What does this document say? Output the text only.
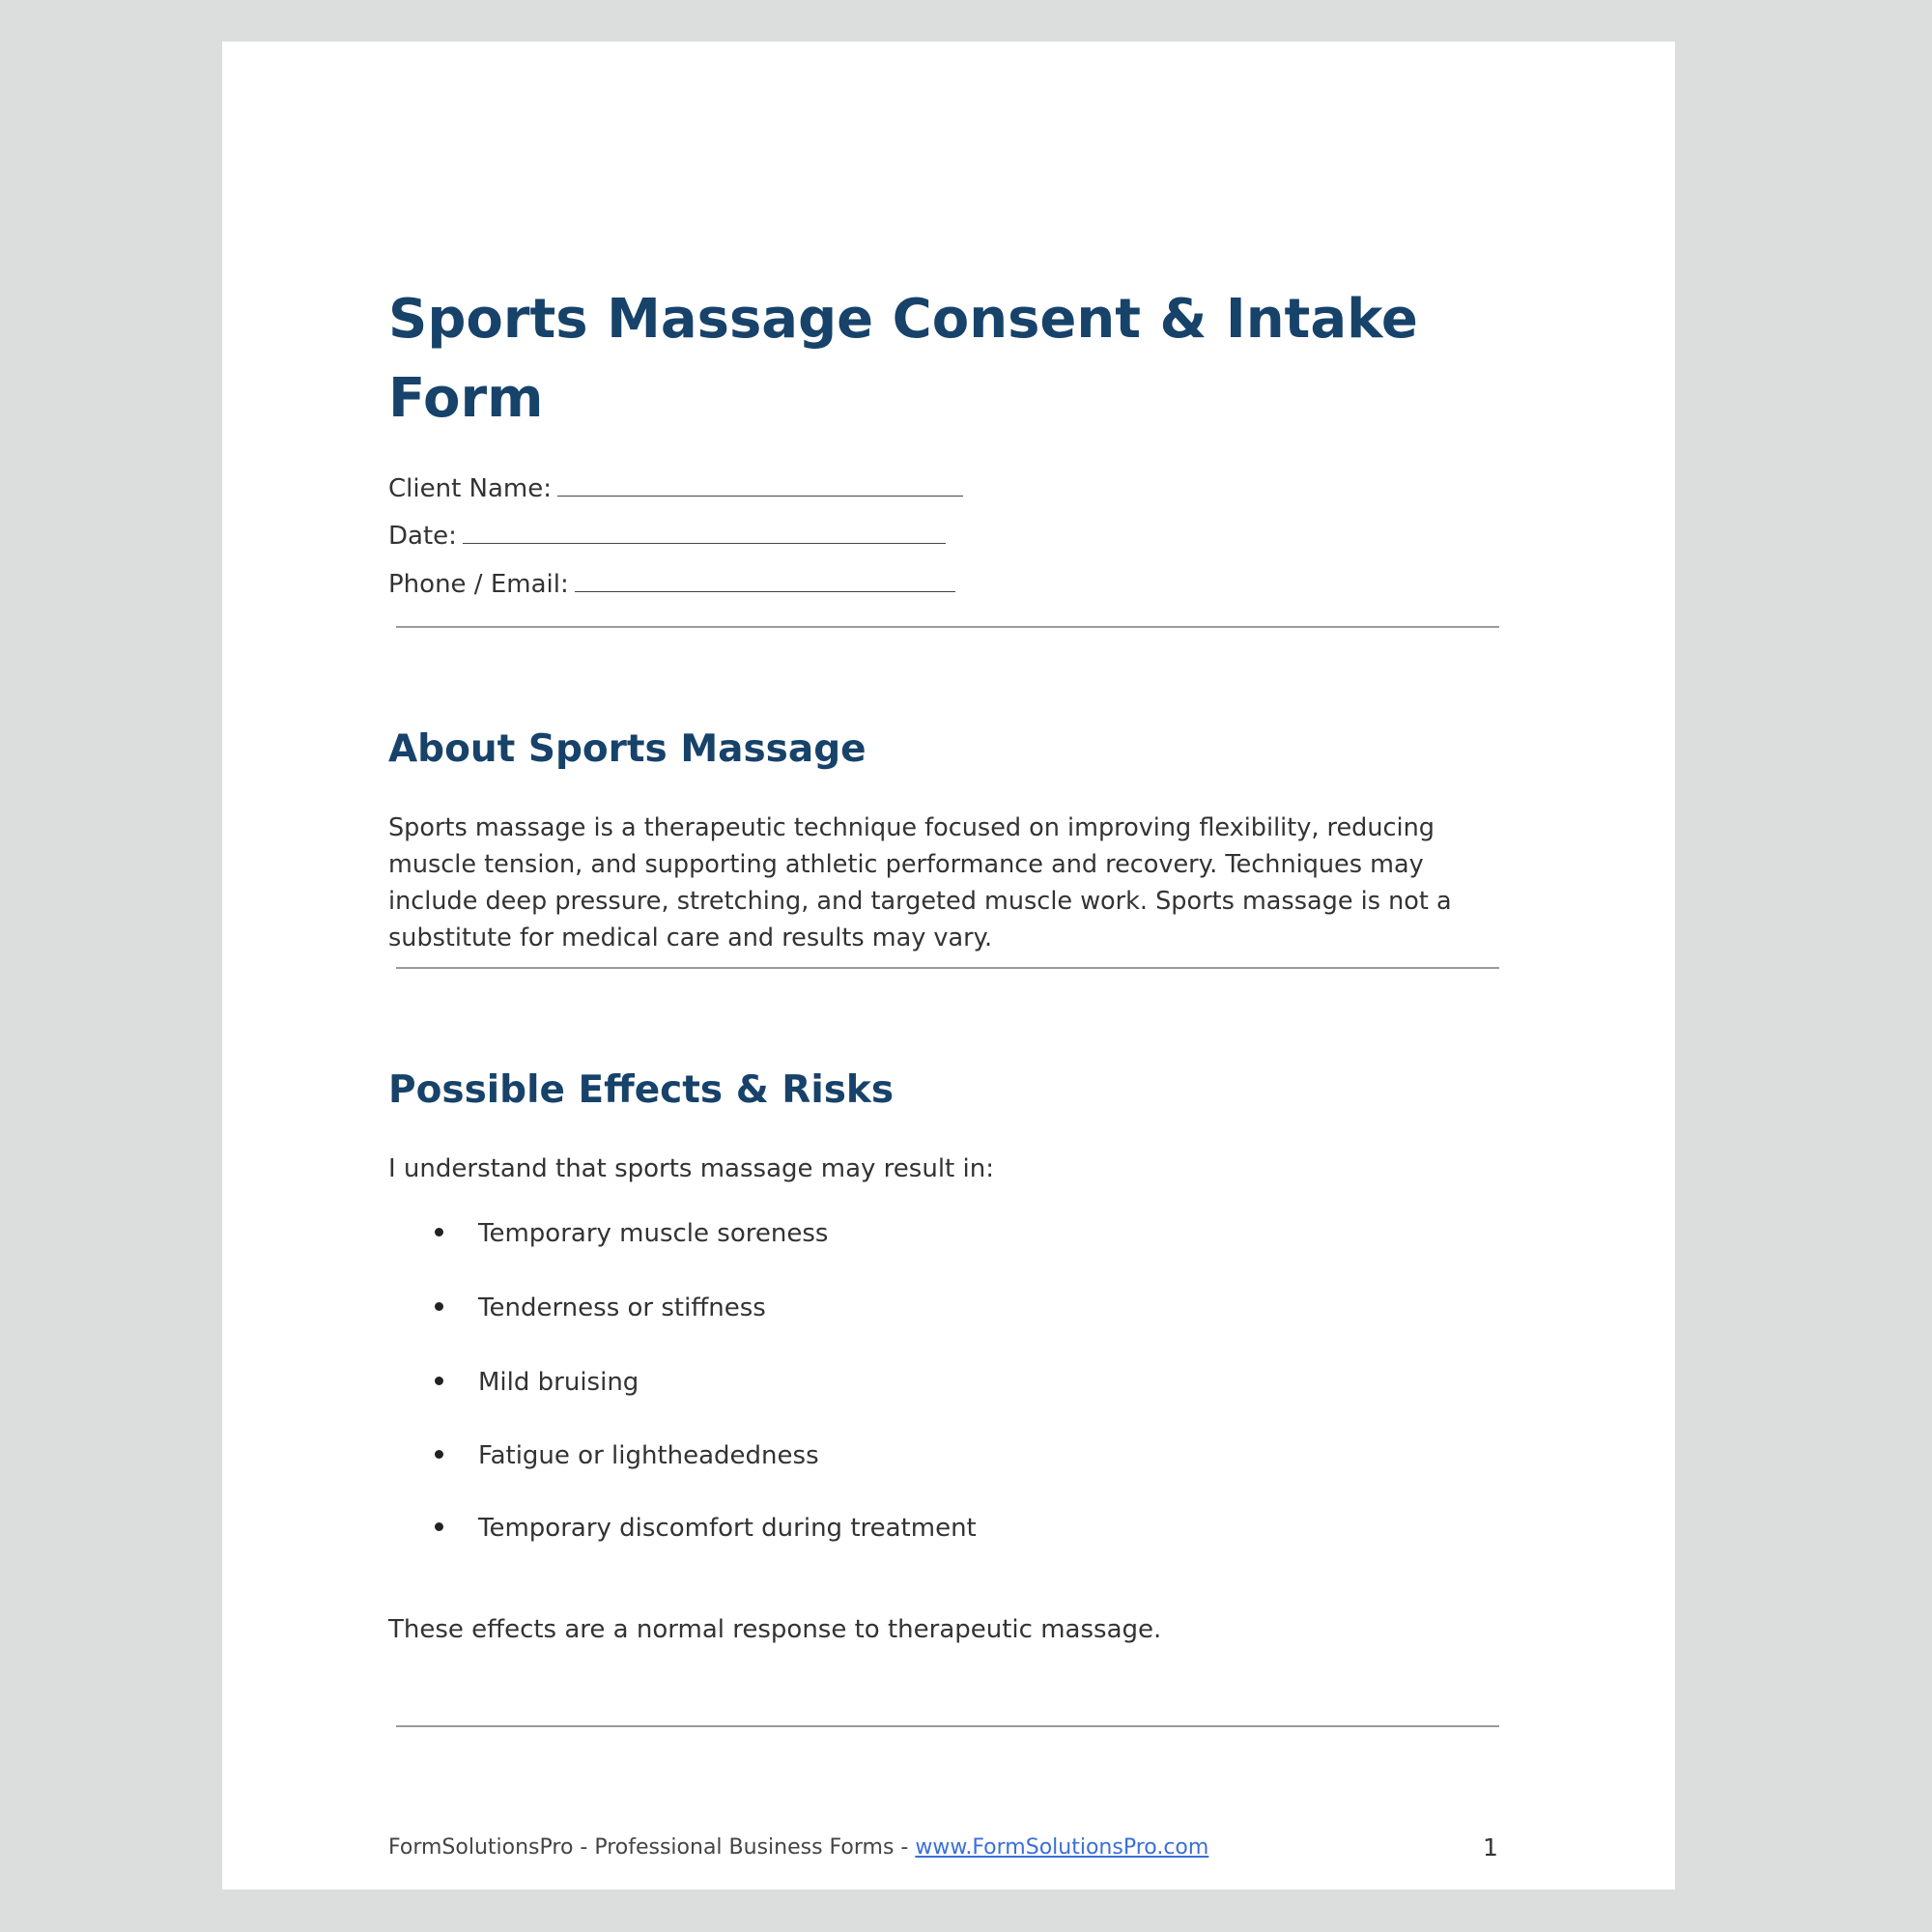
Sports Massage Consent & Intake Form
Client Name:
Date:
Phone / Email:
About Sports Massage

Sports massage is a therapeutic technique focused on improving flexibility, reducing muscle tension, and supporting athletic performance and recovery. Techniques may include deep pressure, stretching, and targeted muscle work. Sports massage is not a substitute for medical care and results may vary.

Possible Effects & Risks

I understand that sports massage may result in:

Temporary muscle soreness
Tenderness or stiffness
Mild bruising
Fatigue or lightheadedness
Temporary discomfort during treatment

These effects are a normal response to therapeutic massage.

FormSolutionsPro - Professional Business Forms - www.FormSolutionsPro.com	1
